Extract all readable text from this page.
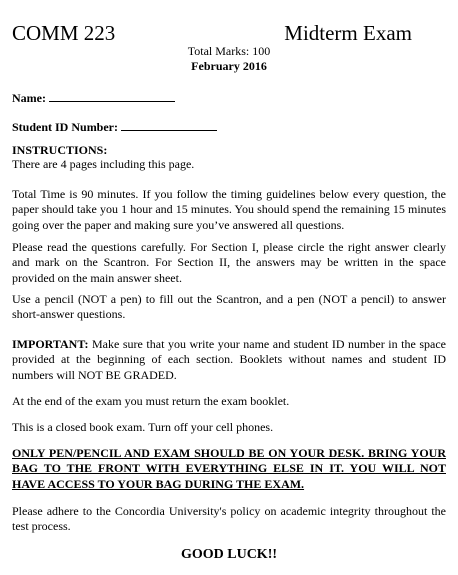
COMM 223	Midterm Exam
Total Marks: 100
February 2016
Name:
Student ID Number:
INSTRUCTIONS:
There are 4 pages including this page.
Total Time is 90 minutes. If you follow the timing guidelines below every question, the paper should take you 1 hour and 15 minutes. You should spend the remaining 15 minutes going over the paper and making sure you’ve answered all questions.
Please read the questions carefully. For Section I, please circle the right answer clearly and mark on the Scantron. For Section II, the answers may be written in the space provided on the main answer sheet.
Use a pencil (NOT a pen) to fill out the Scantron, and a pen (NOT a pencil) to answer short-answer questions.
IMPORTANT: Make sure that you write your name and student ID number in the space provided at the beginning of each section. Booklets without names and student ID numbers will NOT BE GRADED.
At the end of the exam you must return the exam booklet.
This is a closed book exam. Turn off your cell phones.
ONLY PEN/PENCIL AND EXAM SHOULD BE ON YOUR DESK. BRING YOUR BAG TO THE FRONT WITH EVERYTHING ELSE IN IT. YOU WILL NOT HAVE ACCESS TO YOUR BAG DURING THE EXAM.
Please adhere to the Concordia University's policy on academic integrity throughout the test process.
GOOD LUCK!!
